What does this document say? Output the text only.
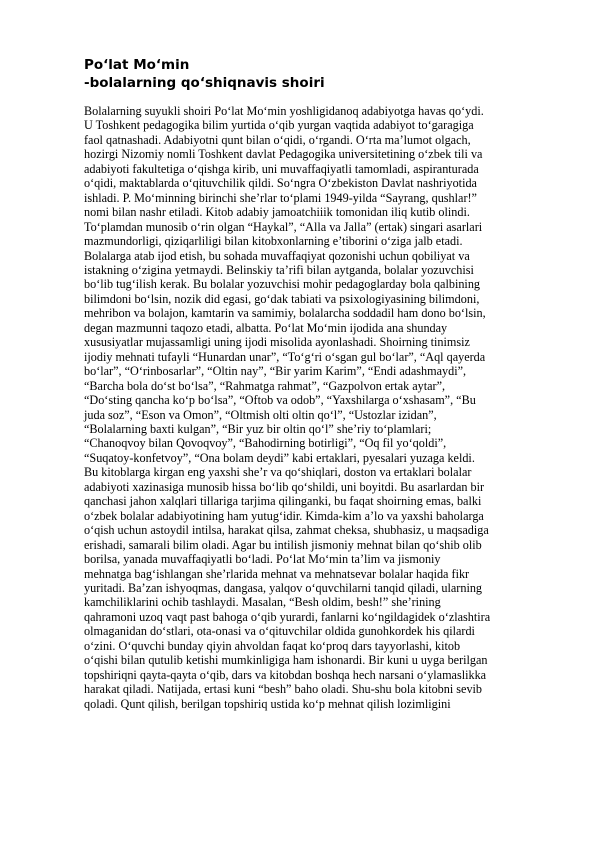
Po‘lat Mo‘min
-bolalarning qo‘shiqnavis shoiri

Bolalarning suyukli shoiri Po‘lat Mo‘min yoshligidanoq adabiyotga havas qo‘ydi.
U Toshkent pedagogika bilim yurtida o‘qib yurgan vaqtida adabiyot to‘garagiga
faol qatnashadi. Adabiyotni qunt bilan o‘qidi, o‘rgandi. O‘rta ma’lumot olgach,
hozirgi Nizomiy nomli Toshkent davlat Pedagogika universitetining o‘zbek tili va
adabiyoti fakultetiga o‘qishga kirib, uni muvaffaqiyatli tamomladi, aspiranturada
o‘qidi, maktablarda o‘qituvchilik qildi. So‘ngra O‘zbekiston Davlat nashriyotida
ishladi. P. Mo‘minning birinchi she’rlar to‘plami 1949-yilda “Sayrang, qushlar!”
nomi bilan nashr etiladi. Kitob adabiy jamoatchiiik tomonidan iliq kutib olindi.
To‘plamdan munosib o‘rin olgan “Haykal”, “Alla va Jalla” (ertak) singari asarlari
mazmundorligi, qiziqarliligi bilan kitobxonlarning e’tiborini o‘ziga jalb etadi.
Bolalarga atab ijod etish, bu sohada muvaffaqiyat qozonishi uchun qobiliyat va
istakning o‘zigina yetmaydi. Belinskiy ta’rifi bilan aytganda, bolalar yozuvchisi
bo‘lib tug‘ilish kerak. Bu bolalar yozuvchisi mohir pedagoglarday bola qalbining
bilimdoni bo‘lsin, nozik did egasi, go‘dak tabiati va psixologiyasining bilimdoni,
mehribon va bolajon, kamtarin va samimiy, bolalarcha soddadil ham dono bo‘lsin,
degan mazmunni taqozo etadi, albatta. Po‘lat Mo‘min ijodida ana shunday
xususiyatlar mujassamligi uning ijodi misolida ayonlashadi. Shoirning tinimsiz
ijodiy mehnati tufayli “Hunardan unar”, “To‘g‘ri o‘sgan gul bo‘lar”, “Aql qayerda
bo‘lar”, “O‘rinbosarlar”, “Oltin nay”, “Bir yarim Karim”, “Endi adashmaydi”,
“Barcha bola do‘st bo‘lsa”, “Rahmatga rahmat”, “Gazpolvon ertak aytar”,
“Do‘sting qancha ko‘p bo‘lsa”, “Oftob va odob”, “Yaxshilarga o‘xshasam”, “Bu
juda soz”, “Eson va Omon”, “Oltmish olti oltin qo‘l”, “Ustozlar izidan”,
“Bolalarning baxti kulgan”, “Bir yuz bir oltin qo‘l” she’riy to‘plamlari;
“Chanoqvoy bilan Qovoqvoy”, “Bahodirning botirligi”, “Oq fil yo‘qoldi”,
“Suqatoy-konfetvoy”, “Ona bolam deydi” kabi ertaklari, pyesalari yuzaga keldi.
Bu kitoblarga kirgan eng yaxshi she’r va qo‘shiqlari, doston va ertaklari bolalar
adabiyoti xazinasiga munosib hissa bo‘lib qo‘shildi, uni boyitdi. Bu asarlardan bir
qanchasi jahon xalqlari tillariga tarjima qilinganki, bu faqat shoirning emas, balki
o‘zbek bolalar adabiyotining ham yutug‘idir. Kimda-kim a’lo va yaxshi baholarga
o‘qish uchun astoydil intilsa, harakat qilsa, zahmat cheksa, shubhasiz, u maqsadiga
erishadi, samarali bilim oladi. Agar bu intilish jismoniy mehnat bilan qo‘shib olib
borilsa, yanada muvaffaqiyatli bo‘ladi. Po‘lat Mo‘min ta’lim va jismoniy
mehnatga bag‘ishlangan she’rlarida mehnat va mehnatsevar bolalar haqida fikr
yuritadi. Ba’zan ishyoqmas, dangasa, yalqov o‘quvchilarni tanqid qiladi, ularning
kamchiliklarini ochib tashlaydi. Masalan, “Besh oldim, besh!” she’rining
qahramoni uzoq vaqt past bahoga o‘qib yurardi, fanlarni ko‘ngildagidek o‘zlashtira
olmaganidan do‘stlari, ota-onasi va o‘qituvchilar oldida gunohkordek his qilardi
o‘zini. O‘quvchi bunday qiyin ahvoldan faqat ko‘proq dars tayyorlashi, kitob
o‘qishi bilan qutulib ketishi mumkinligiga ham ishonardi. Bir kuni u uyga berilgan
topshiriqni qayta-qayta o‘qib, dars va kitobdan boshqa hech narsani o‘ylamaslikka
harakat qiladi. Natijada, ertasi kuni “besh” baho oladi. Shu-shu bola kitobni sevib
qoladi. Qunt qilish, berilgan topshiriq ustida ko‘p mehnat qilish lozimligini
